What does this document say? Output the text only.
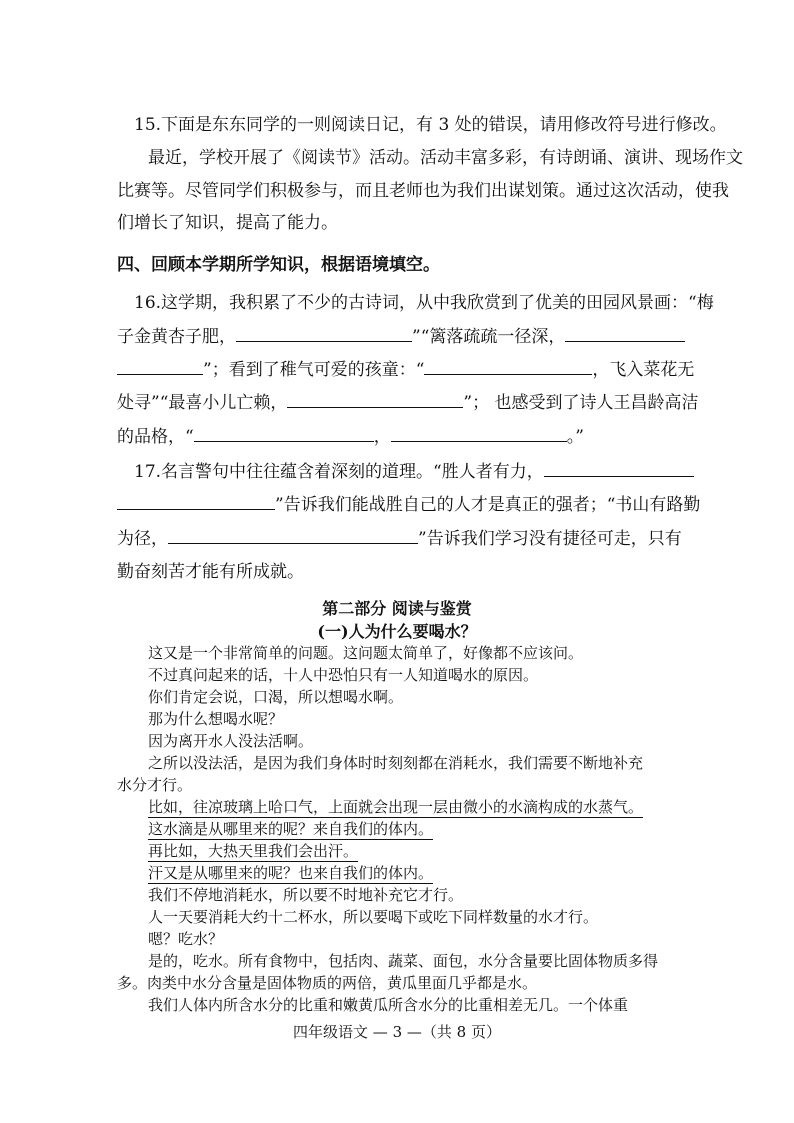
15.下面是东东同学的一则阅读日记，有 3 处的错误，请用修改符号进行修改。
最近，学校开展了《阅读节》活动。活动丰富多彩，有诗朗诵、演讲、现场作文
比赛等。尽管同学们积极参与，而且老师也为我们出谋划策。通过这次活动，使我
们增长了知识，提高了能力。
四、回顾本学期所学知识，根据语境填空。
16.这学期，我积累了不少的古诗词，从中我欣赏到了优美的田园风景画：“梅
子金黄杏子肥，	”“篱落疏疏一径深，
”；看到了稚气可爱的孩童：“	，飞入菜花无
处寻”“最喜小儿亡赖，	”； 也感受到了诗人王昌龄高洁
的品格，“	，	。”
17.名言警句中往往蕴含着深刻的道理。“胜人者有力，
”告诉我们能战胜自己的人才是真正的强者；“书山有路勤
为径，	”告诉我们学习没有捷径可走，只有
勤奋刻苦才能有所成就。
第二部分 阅读与鉴赏
(一)人为什么要喝水？
这又是一个非常简单的问题。这问题太简单了，好像都不应该问。
不过真问起来的话，十人中恐怕只有一人知道喝水的原因。
你们肯定会说，口渴，所以想喝水啊。
那为什么想喝水呢？
因为离开水人没法活啊。
之所以没法活，是因为我们身体时时刻刻都在消耗水，我们需要不断地补充
水分才行。
比如，往凉玻璃上哈口气，上面就会出现一层由微小的水滴构成的水蒸气。
这水滴是从哪里来的呢？来自我们的体内。
再比如，大热天里我们会出汗。
汗又是从哪里来的呢？也来自我们的体内。
我们不停地消耗水，所以要不时地补充它才行。
人一天要消耗大约十二杯水，所以要喝下或吃下同样数量的水才行。
嗯？吃水？
是的，吃水。所有食物中，包括肉、蔬菜、面包，水分含量要比固体物质多得
多。肉类中水分含量是固体物质的两倍，黄瓜里面几乎都是水。
我们人体内所含水分的比重和嫩黄瓜所含水分的比重相差无几。一个体重
四年级语文 — 3 —（共 8 页）
